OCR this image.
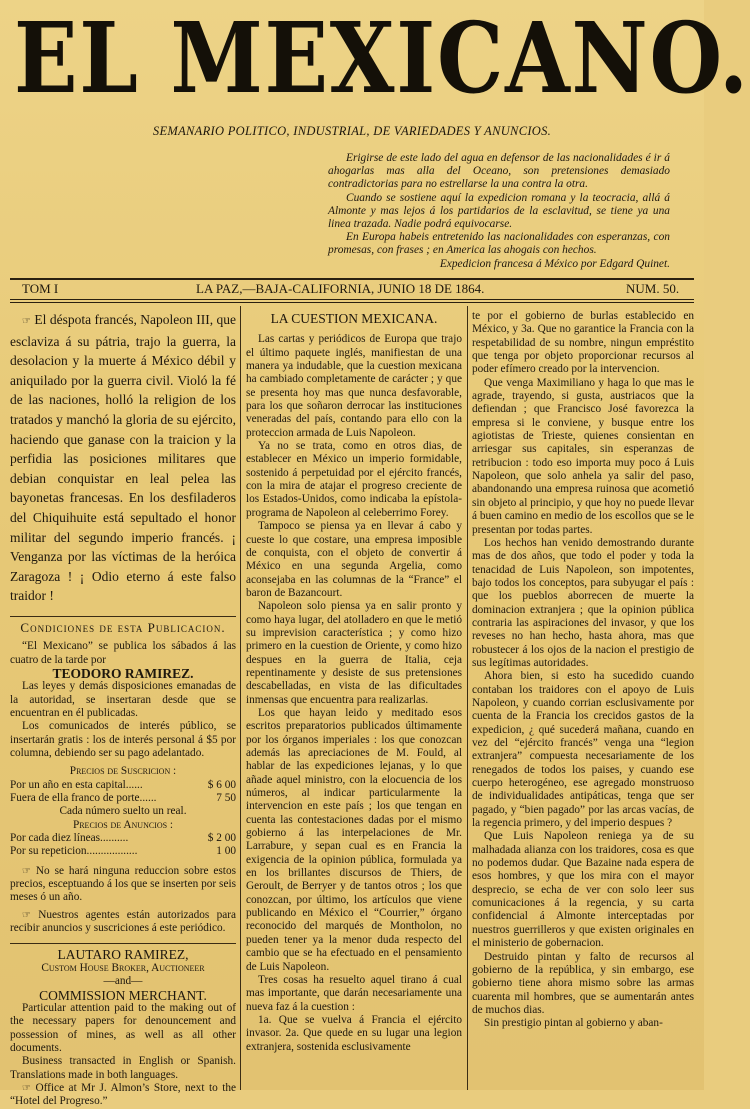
EL MEXICANO.
SEMANARIO POLITICO, INDUSTRIAL, DE VARIEDADES Y ANUNCIOS.

Erigirse de este lado del agua en defensor de las nacionalidades é ir á ahogarlas mas alla del Oceano, son pretensiones demasiado contradictorias para no estrellarse la una contra la otra.

Cuando se sostiene aquí la expedicion romana y la teocracia, allá á Almonte y mas lejos á los partidarios de la esclavitud, se tiene ya una linea trazada. Nadie podrá equivocarse.

En Europa habeis entretenido las nacionalidades con esperanzas, con promesas, con frases ; en America las ahogais con hechos.

Expedicion francesa á México por Edgard Quinet.

TOM I	LA PAZ,—BAJA-CALIFORNIA, JUNIO 18 DE 1864.	NUM. 50.

☞ El déspota francés, Napoleon III, que esclaviza á su pátria, trajo la guerra, la desolacion y la muerte á México débil y aniquilado por la guerra civil. Violó la fé de las naciones, holló la religion de los tratados y manchó la gloria de su ejército, haciendo que ganase con la traicion y la perfidia las posiciones militares que debian conquistar en leal pelea las bayonetas francesas. En los desfiladeros del Chiquihuite está sepultado el honor militar del segundo imperio francés. ¡ Venganza por las víctimas de la heróica Zaragoza ! ¡ Odio eterno á este falso traidor !

Condiciones de esta Publicacion.

“El Mexicano” se publica los sábados á las cuatro de la tarde por

TEODORO RAMIREZ.

Las leyes y demás disposiciones emanadas de la autoridad, se insertaran desde que se encuentran en él publicadas.

Los comunicados de interés público, se insertarán gratis : los de interés personal á $5 por columna, debiendo ser su pago adelantado.

Precios de Suscricion :

Por un año en esta capital......	$ 6 00

Fuera de ella franco de porte......	7 50

Cada número suelto un real.

Precios de Anuncios :

Por cada diez líneas..........	$ 2 00

Por su repeticion..................	1 00

☞ No se hará ninguna reduccion sobre estos precios, esceptuando á los que se inserten por seis meses ó un año.

☞ Nuestros agentes están autorizados para recibir anuncios y suscriciones á este periódico.

LAUTARO RAMIREZ,

Custom House Broker, Auctioneer

—and—

COMMISSION MERCHANT.

Particular attention paid to the making out of the necessary papers for denouncement and possession of mines, as well as all other documents.

Business transacted in English or Spanish. Translations made in both languages.

☞ Office at Mr J. Almon’s Store, next to the “Hotel del Progreso.”

LA CUESTION MEXICANA.

Las cartas y periódicos de Europa que trajo el último paquete inglés, manifiestan de una manera ya indudable, que la cuestion mexicana ha cambiado completamente de carácter ; y que se presenta hoy mas que nunca desfavorable, para los que soñaron derrocar las instituciones veneradas del país, contando para ello con la proteccion armada de Luis Napoleon.

Ya no se trata, como en otros dias, de establecer en México un imperio formidable, sostenido á perpetuidad por el ejército francés, con la mira de atajar el progreso creciente de los Estados-Unidos, como indicaba la epístola-programa de Napoleon al celeberrimo Forey.

Tampoco se piensa ya en llevar á cabo y cueste lo que costare, una empresa imposible de conquista, con el objeto de convertir á México en una segunda Argelia, como aconsejaba en las columnas de la “France” el baron de Bazancourt.

Napoleon solo piensa ya en salir pronto y como haya lugar, del atolladero en que le metió su imprevision característica ; y como hizo primero en la cuestion de Oriente, y como hizo despues en la guerra de Italia, ceja repentinamente y desiste de sus pretensiones descabelladas, en vista de las dificultades inmensas que encuentra para realizarlas.

Los que hayan leido y meditado esos escritos preparatorios publicados últimamente por los órganos imperiales : los que conozcan además las apreciaciones de M. Fould, al hablar de las expediciones lejanas, y lo que añade aquel ministro, con la elocuencia de los números, al indicar particularmente la intervencion en este país ; los que tengan en cuenta las contestaciones dadas por el mismo gobierno á las interpelaciones de Mr. Larrabure, y sepan cual es en Francia la exigencia de la opinion pública, formulada ya en los brillantes discursos de Thiers, de Geroult, de Berryer y de tantos otros ; los que conozcan, por último, los artículos que viene publicando en México el “Courrier,” órgano reconocido del marqués de Montholon, no pueden tener ya la menor duda respecto del cambio que se ha efectuado en el pensamiento de Luis Napoleon.

Tres cosas ha resuelto aquel tirano á cual mas importante, que darán necesariamente una nueva faz á la cuestion :

1a. Que se vuelva á Francia el ejército invasor. 2a. Que quede en su lugar una legion extranjera, sostenida esclusivamente

te por el gobierno de burlas establecido en México, y 3a. Que no garantice la Francia con la respetabilidad de su nombre, ningun empréstito que tenga por objeto proporcionar recursos al poder efímero creado por la intervencion.

Que venga Maximiliano y haga lo que mas le agrade, trayendo, si gusta, austriacos que la defiendan ; que Francisco José favorezca la empresa si le conviene, y busque entre los agiotistas de Trieste, quienes consientan en arriesgar sus capitales, sin esperanzas de retribucion : todo eso importa muy poco á Luis Napoleon, que solo anhela ya salir del paso, abandonando una empresa ruinosa que acometió sin objeto al principio, y que hoy no puede llevar á buen camino en medio de los escollos que se le presentan por todas partes.

Los hechos han venido demostrando durante mas de dos años, que todo el poder y toda la tenacidad de Luis Napoleon, son impotentes, bajo todos los conceptos, para subyugar el país : que los pueblos aborrecen de muerte la dominacion extranjera ; que la opinion pública contraria las aspiraciones del invasor, y que los reveses no han hecho, hasta ahora, mas que robustecer á los ojos de la nacion el prestigio de sus legítimas autoridades.

Ahora bien, si esto ha sucedido cuando contaban los traidores con el apoyo de Luis Napoleon, y cuando corrian esclusivamente por cuenta de la Francia los crecidos gastos de la expedicion, ¿ qué sucederá mañana, cuando en vez del “ejército francés” venga una “legion extranjera” compuesta necesariamente de los renegados de todos los paises, y cuando ese cuerpo heterogéneo, ese agregado monstruoso de individualidades antipáticas, tenga que ser pagado, y “bien pagado” por las arcas vacías, de la regencia primero, y del imperio despues ?

Que Luis Napoleon reniega ya de su malhadada alianza con los traidores, cosa es que no podemos dudar. Que Bazaine nada espera de esos hombres, y que los mira con el mayor desprecio, se echa de ver con solo leer sus comunicaciones á la regencia, y su carta confidencial á Almonte interceptadas por nuestros guerrilleros y que existen originales en el ministerio de gobernacion.

Destruido pintan y falto de recursos al gobierno de la república, y sin embargo, ese gobierno tiene ahora mismo sobre las armas cuarenta mil hombres, que se aumentarán antes de muchos dias.

Sin prestigio pintan al gobierno y aban-
